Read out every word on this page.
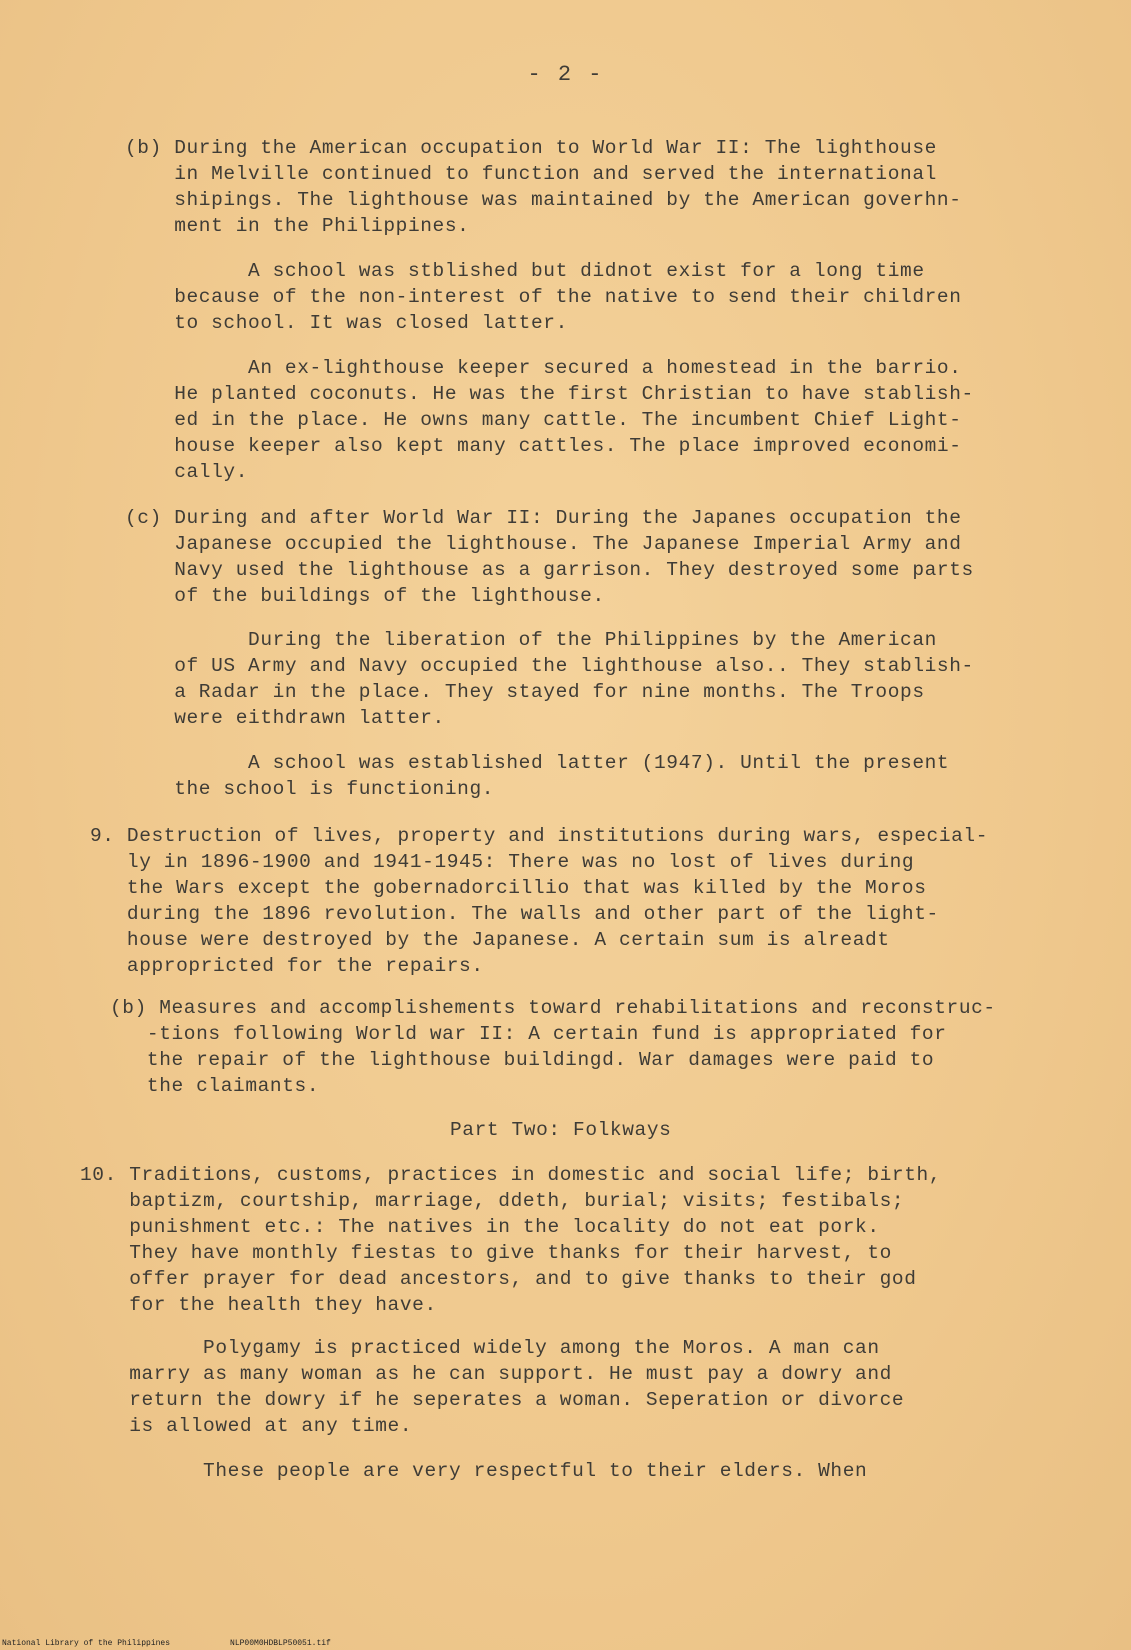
- 2 -

(b) During the American occupation to World War II: The lighthouse
in Melville continued to function and served the international
shipings. The lighthouse was maintained by the American goverhn-
ment in the Philippines.

A school was stblished but didnot exist for a long time
because of the non-interest of the native to send their children
to school. It was closed latter.

An ex-lighthouse keeper secured a homestead in the barrio.
He planted coconuts. He was the first Christian to have stablish-
ed in the place. He owns many cattle. The incumbent Chief Light-
house keeper also kept many cattles. The place improved economi-
cally.

(c) During and after World War II: During the Japanes occupation the
Japanese occupied the lighthouse. The Japanese Imperial Army and
Navy used the lighthouse as a garrison. They destroyed some parts
of the buildings of the lighthouse.

During the liberation of the Philippines by the American
of US Army and Navy occupied the lighthouse also.. They stablish-
a Radar in the place. They stayed for nine months. The Troops
were eithdrawn latter.

A school was established latter (1947). Until the present
the school is functioning.

9. Destruction of lives, property and institutions during wars, especial-
ly in 1896-1900 and 1941-1945: There was no lost of lives during
the Wars except the gobernadorcillio that was killed by the Moros
during the 1896 revolution. The walls and other part of the light-
house were destroyed by the Japanese. A certain sum is alreadt
appropricted for the repairs.

(b) Measures and accomplishements toward rehabilitations and reconstruc-
-tions following World war II: A certain fund is appropriated for
the repair of the lighthouse buildingd. War damages were paid to
the claimants.

Part Two: Folkways

10. Traditions, customs, practices in domestic and social life; birth,
baptizm, courtship, marriage, ddeth, burial; visits; festibals;
punishment etc.: The natives in the locality do not eat pork.
They have monthly fiestas to give thanks for their harvest, to
offer prayer for dead ancestors, and to give thanks to their god
for the health they have.

Polygamy is practiced widely among the Moros. A man can
marry as many woman as he can support. He must pay a dowry and
return the dowry if he seperates a woman. Seperation or divorce
is allowed at any time.

These people are very respectful to their elders. When

National Library of the Philippines	NLP00M0HDBLP50051.tif
